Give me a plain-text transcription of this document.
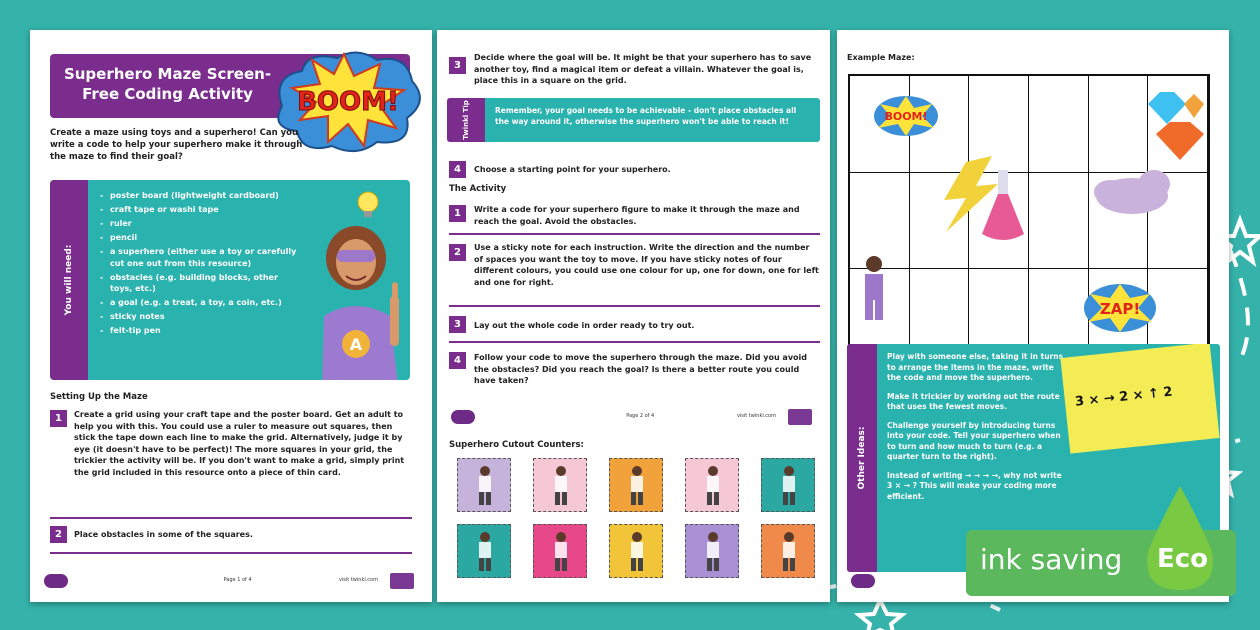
Superhero Maze Screen-Free Coding Activity	BOOM!
Create a maze using toys and a superhero! Can you write a code to help your superhero make it through the maze to find their goal?
You will need:
- poster board (lightweight cardboard)
- craft tape or washi tape
- ruler
- pencil
- a superhero (either use a toy or carefully cut one out from this resource)
- obstacles (e.g. building blocks, other toys, etc.)
- a goal (e.g. a treat, a toy, a coin, etc.)
- sticky notes
- felt-tip pen
A
Setting Up the Maze
1	Create a grid using your craft tape and the poster board. Get an adult to help you with this. You could use a ruler to measure out squares, then stick the tape down each line to make the grid. Alternatively, judge it by eye (it doesn't have to be perfect)! The more squares in your grid, the trickier the activity will be. If you don't want to make a grid, simply print the grid included in this resource onto a piece of thin card.
2	Place obstacles in some of the squares.
Page 1 of 4	visit twinkl.com
3
Decide where the goal will be. It might be that your superhero has to save another toy, find a magical item or defeat a villain. Whatever the goal is, place this in a square on the grid.
Twinkl Tip	Remember, your goal needs to be achievable - don't place obstacles all the way around it, otherwise the superhero won't be able to reach it!
4	Choose a starting point for your superhero.
The Activity
1	Write a code for your superhero figure to make it through the maze and reach the goal. Avoid the obstacles.
2	Use a sticky note for each instruction. Write the direction and the number of spaces you want the toy to move. If you have sticky notes of four different colours, you could use one colour for up, one for down, one for left and one for right.
3	Lay out the whole code in order ready to try out.
4	Follow your code to move the superhero through the maze. Did you avoid the obstacles? Did you reach the goal? Is there a better route you could have taken?
Page 2 of 4	visit twinkl.com
Superhero Cutout Counters:
Example Maze:
BOOM!
ZAP!
Other Ideas:

Play with someone else, taking it in turns to arrange the items in the maze, write the code and move the superhero.

Make it trickier by working out the route that uses the fewest moves.

Challenge yourself by introducing turns into your code. Tell your superhero when to turn and how much to turn (e.g. a quarter turn to the right).

Instead of writing → → → →, why not write 3 × → ? This will make your coding more efficient.

3 × → 2 × ↑ 2
ink saving Eco
